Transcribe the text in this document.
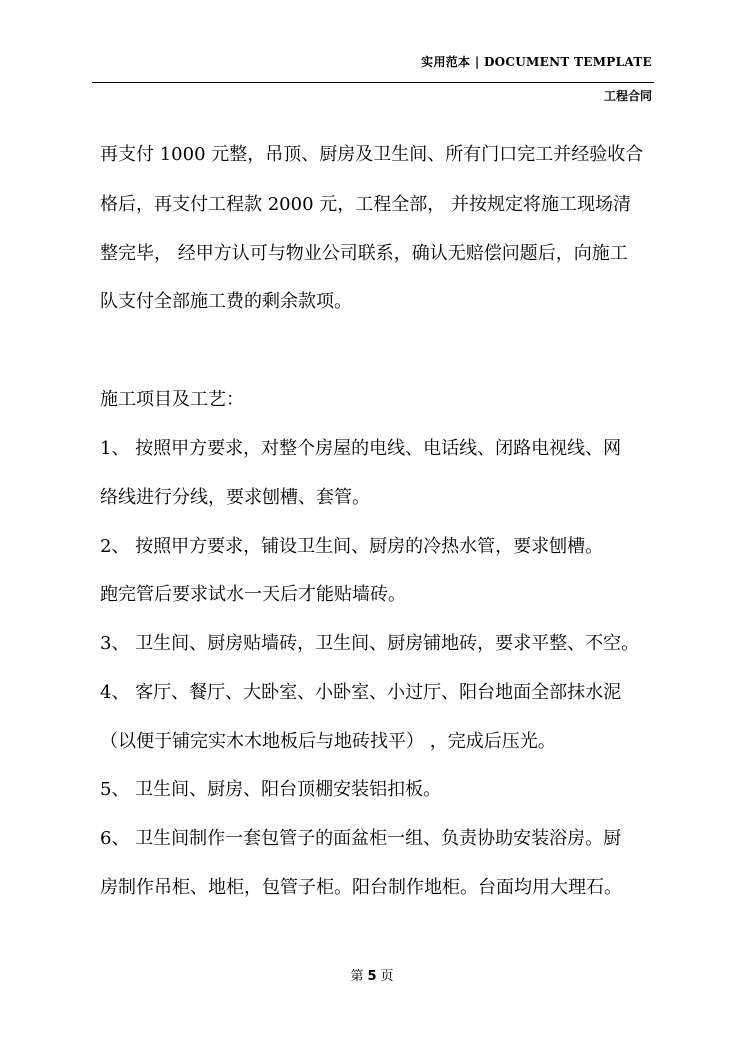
实用范本 | DOCUMENT TEMPLATE
工程合同
再支付 1000 元整，吊顶、厨房及卫生间、所有门口完工并经验收合
格后，再支付工程款 2000 元，工程全部， 并按规定将施工现场清
整完毕， 经甲方认可与物业公司联系，确认无赔偿问题后，向施工
队支付全部施工费的剩余款项。
施工项目及工艺：
1、 按照甲方要求，对整个房屋的电线、电话线、闭路电视线、网
络线进行分线，要求刨槽、套管。
2、 按照甲方要求，铺设卫生间、厨房的冷热水管，要求刨槽。
跑完管后要求试水一天后才能贴墙砖。
3、 卫生间、厨房贴墙砖，卫生间、厨房铺地砖，要求平整、不空。
4、 客厅、餐厅、大卧室、小卧室、小过厅、阳台地面全部抹水泥
（以便于铺完实木木地板后与地砖找平） ，完成后压光。
5、 卫生间、厨房、阳台顶棚安装铝扣板。
6、 卫生间制作一套包管子的面盆柜一组、负责协助安装浴房。厨
房制作吊柜、地柜，包管子柜。阳台制作地柜。台面均用大理石。
第 5 页
